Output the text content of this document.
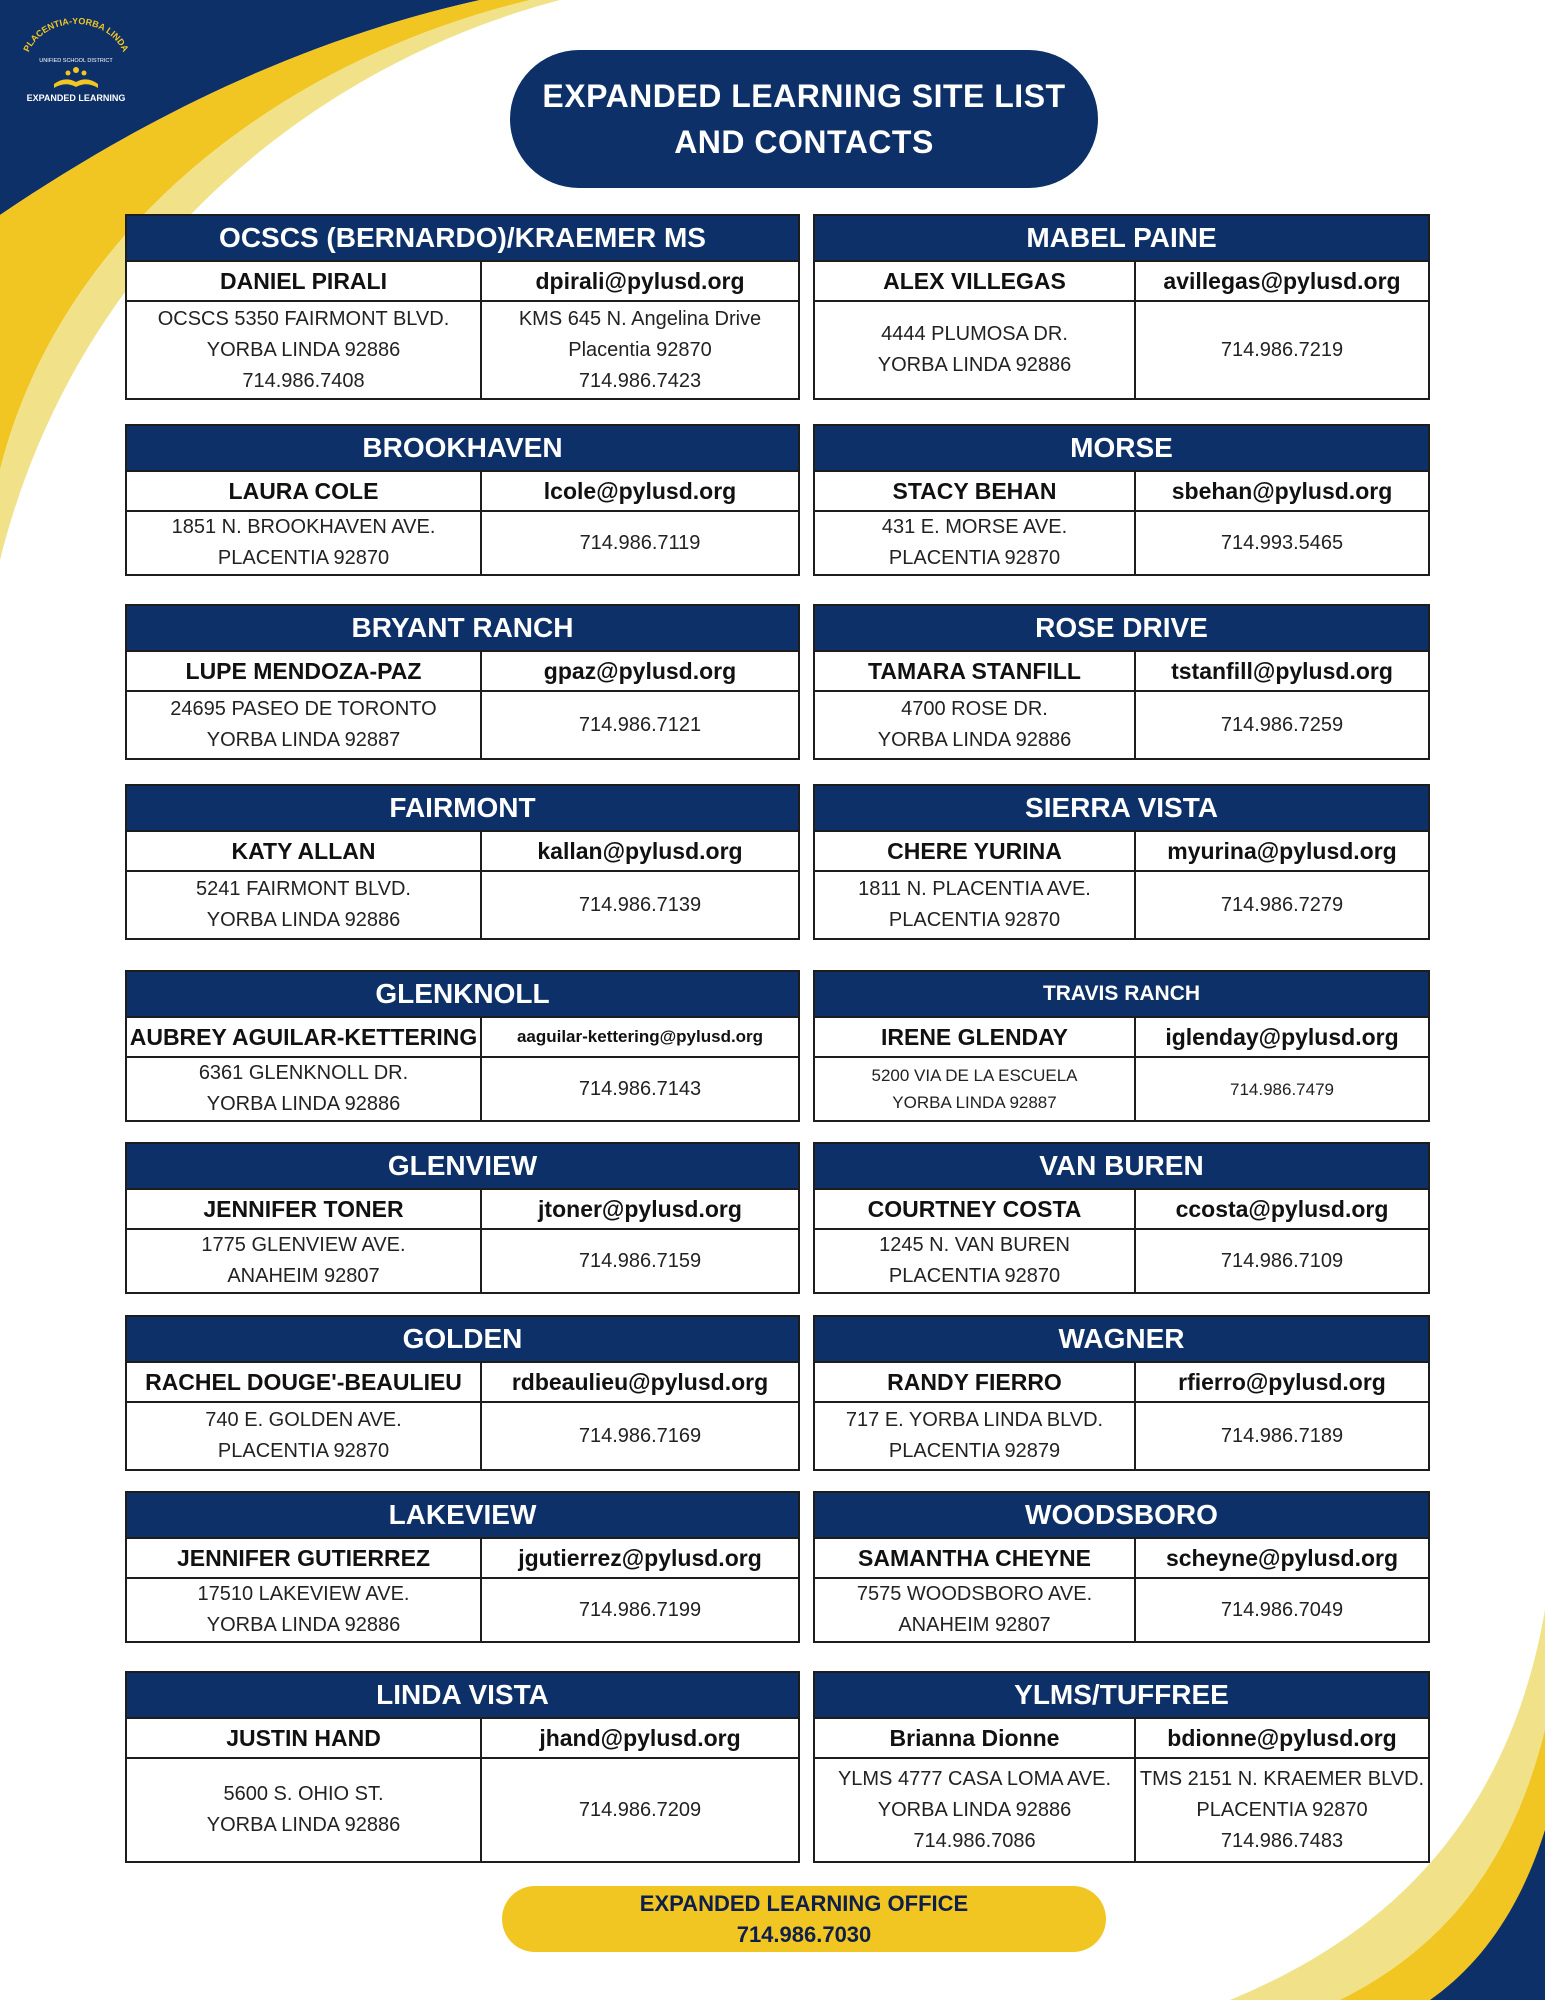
PLACENTIA-YORBA LINDA
UNIFIED SCHOOL DISTRICT
EXPANDED LEARNING	EXPANDED LEARNING SITE LIST
AND CONTACTS
OCSCS (BERNARDO)/KRAEMER MS
DANIEL PIRALI	dpirali@pylusd.org
OCSCS 5350 FAIRMONT BLVD.
YORBA LINDA 92886
714.986.7408
KMS 645 N. Angelina Drive
Placentia 92870
714.986.7423
MABEL PAINE
ALEX VILLEGAS	avillegas@pylusd.org
4444 PLUMOSA DR.
YORBA LINDA 92886
714.986.7219
BROOKHAVEN
LAURA COLE	lcole@pylusd.org
1851 N. BROOKHAVEN AVE.
PLACENTIA 92870
714.986.7119
MORSE
STACY BEHAN	sbehan@pylusd.org
431 E. MORSE AVE.
PLACENTIA 92870
714.993.5465
BRYANT RANCH
LUPE MENDOZA-PAZ	gpaz@pylusd.org
24695 PASEO DE TORONTO
YORBA LINDA 92887
714.986.7121
ROSE DRIVE
TAMARA STANFILL	tstanfill@pylusd.org
4700 ROSE DR.
YORBA LINDA 92886
714.986.7259
FAIRMONT
KATY ALLAN	kallan@pylusd.org
5241 FAIRMONT BLVD.
YORBA LINDA 92886
714.986.7139
SIERRA VISTA
CHERE YURINA	myurina@pylusd.org
1811 N. PLACENTIA AVE.
PLACENTIA 92870
714.986.7279
GLENKNOLL
AUBREY AGUILAR-KETTERING	aaguilar-kettering@pylusd.org
6361 GLENKNOLL DR.
YORBA LINDA 92886
714.986.7143
TRAVIS RANCH
IRENE GLENDAY	iglenday@pylusd.org
5200 VIA DE LA ESCUELA
YORBA LINDA 92887
714.986.7479
GLENVIEW
JENNIFER TONER	jtoner@pylusd.org
1775 GLENVIEW AVE.
ANAHEIM 92807
714.986.7159
VAN BUREN
COURTNEY COSTA	ccosta@pylusd.org
1245 N. VAN BUREN
PLACENTIA 92870
714.986.7109
GOLDEN
RACHEL DOUGE'-BEAULIEU	rdbeaulieu@pylusd.org
740 E. GOLDEN AVE.
PLACENTIA 92870
714.986.7169
WAGNER
RANDY FIERRO	rfierro@pylusd.org
717 E. YORBA LINDA BLVD.
PLACENTIA 92879
714.986.7189
LAKEVIEW
JENNIFER GUTIERREZ	jgutierrez@pylusd.org
17510 LAKEVIEW AVE.
YORBA LINDA 92886
714.986.7199
WOODSBORO
SAMANTHA CHEYNE	scheyne@pylusd.org
7575 WOODSBORO AVE.
ANAHEIM 92807
714.986.7049
LINDA VISTA
JUSTIN HAND	jhand@pylusd.org
5600 S. OHIO ST.
YORBA LINDA 92886
714.986.7209
YLMS/TUFFREE
Brianna Dionne	bdionne@pylusd.org
YLMS 4777 CASA LOMA AVE.
YORBA LINDA 92886
714.986.7086
TMS 2151 N. KRAEMER BLVD.
PLACENTIA 92870
714.986.7483
EXPANDED LEARNING OFFICE
714.986.7030
